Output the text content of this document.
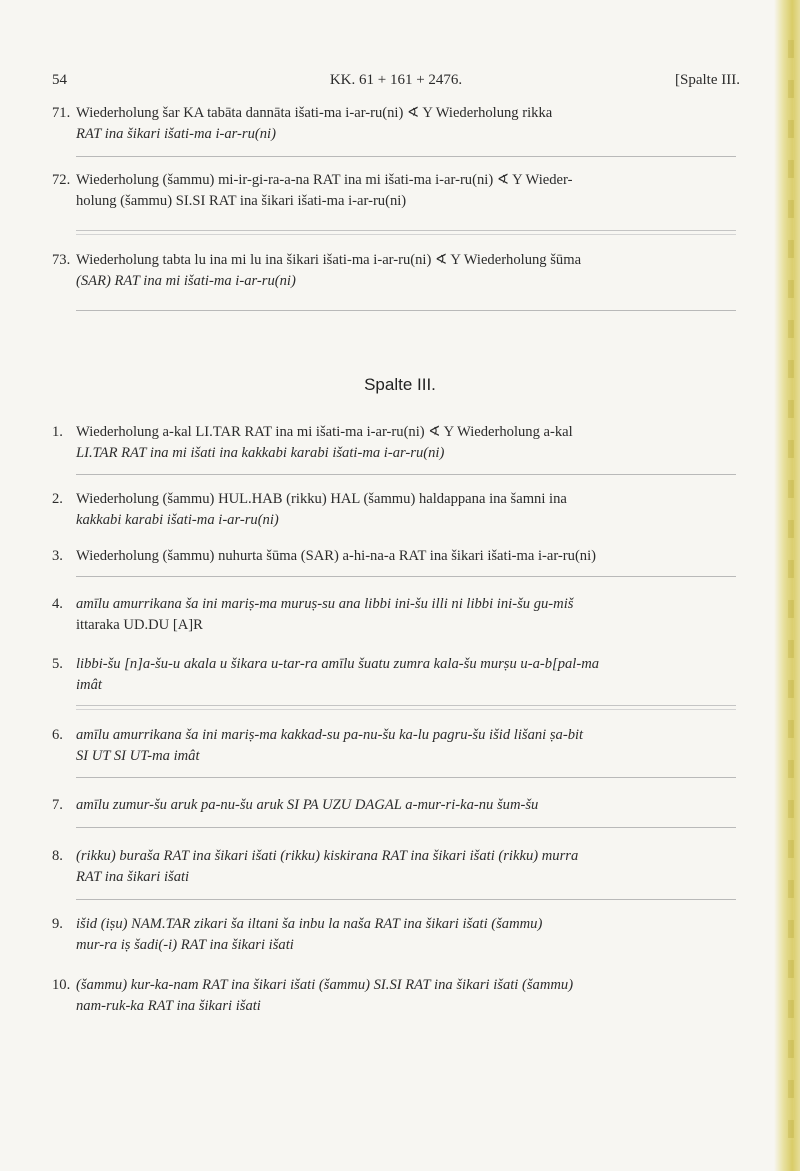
54	KK. 61 + 161 + 2476.	[Spalte III.
71. Wiederholung šar KA tabāta dannāta išati-ma i-ar-ru(ni) ∢ Y Wiederholung rikka
RAT ina šikari išati-ma i-ar-ru(ni)
72. Wiederholung (šammu) mi-ir-gi-ra-a-na RAT ina mi išati-ma i-ar-ru(ni) ∢ Y Wieder-
holung (šammu) SI.SI RAT ina šikari išati-ma i-ar-ru(ni)
73. Wiederholung tabta lu ina mi lu ina šikari išati-ma i-ar-ru(ni) ∢ Y Wiederholung šūma
(SAR) RAT ina mi išati-ma i-ar-ru(ni)
Spalte III.
1. Wiederholung a-kal LI.TAR RAT ina mi išati-ma i-ar-ru(ni) ∢ Y Wiederholung a-kal
LI.TAR RAT ina mi išati ina kakkabi karabi išati-ma i-ar-ru(ni)
2. Wiederholung (šammu) HUL.HAB (rikku) HAL (šammu) haldappana ina šamni ina
kakkabi karabi išati-ma i-ar-ru(ni)
3. Wiederholung (šammu) nuhurta šūma (SAR) a-hi-na-a RAT ina šikari išati-ma i-ar-ru(ni)
4. amīlu amurrikana ša ini mariṣ-ma muruṣ-su ana libbi ini-šu illi ni libbi ini-šu gu-miš
ittaraka UD.DU [A]R
5. libbi-šu [n]a-šu-u akala u šikara u-tar-ra amīlu šuatu zumra kala-šu murṣu u-a-b[pal-ma
imât
6. amīlu amurrikana ša ini mariṣ-ma kakkad-su pa-nu-šu ka-lu pagru-šu išid lišani ṣa-bit
SI UT SI UT-ma imât
7. amīlu zumur-šu aruk pa-nu-šu aruk SI PA UZU DAGAL a-mur-ri-ka-nu šum-šu
8. (rikku) buraša RAT ina šikari išati (rikku) kiskirana RAT ina šikari išati (rikku) murra
RAT ina šikari išati
9. išid (iṣu) NAM.TAR zikari ša iltani ša inbu la naša RAT ina šikari išati (šammu)
mur-ra iṣ šadi(-i) RAT ina šikari išati
10. (šammu) kur-ka-nam RAT ina šikari išati (šammu) SI.SI RAT ina šikari išati (šammu)
nam-ruk-ka RAT ina šikari išati
